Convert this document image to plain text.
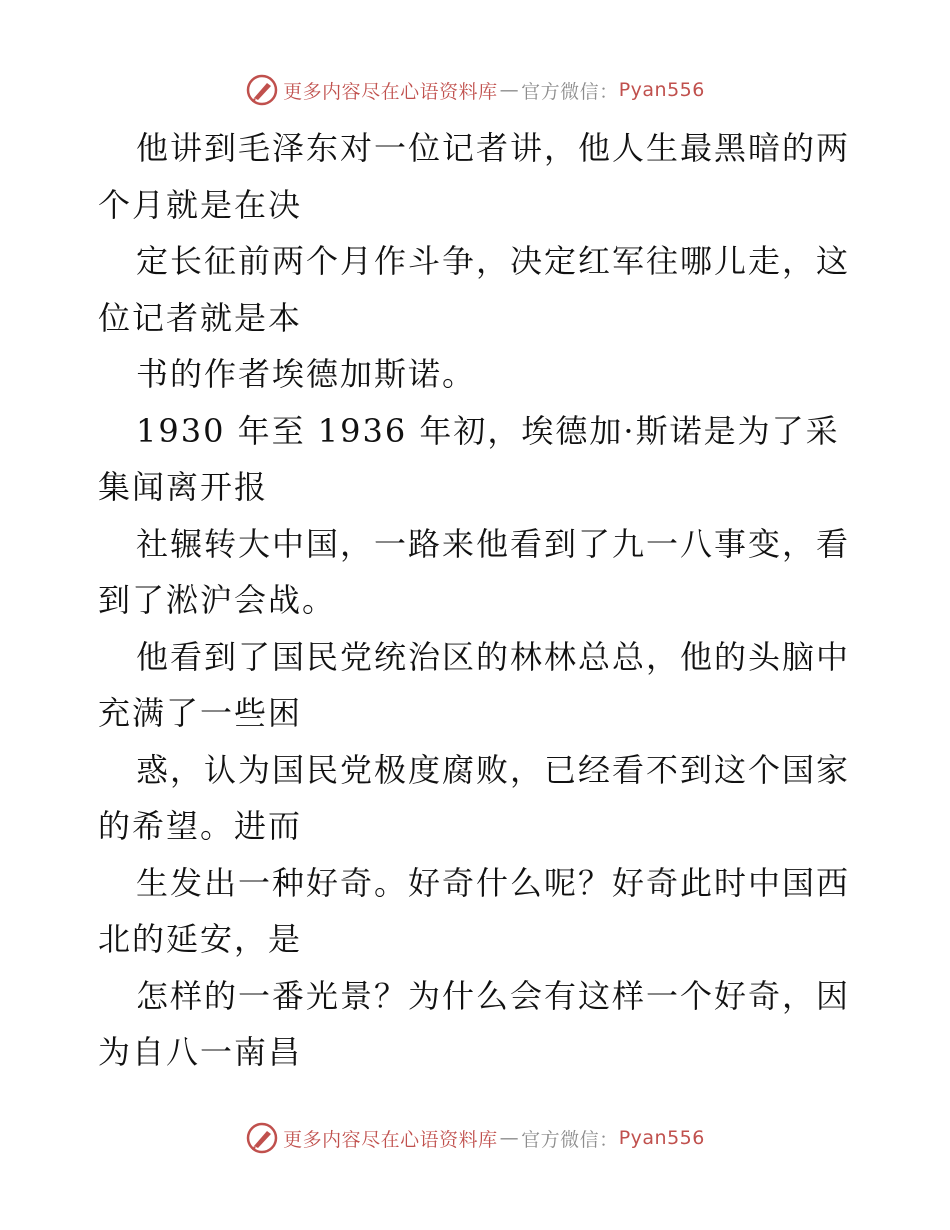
更多内容尽在心语资料库 — 官方微信： Pyan556
他讲到毛泽东对一位记者讲，他人生最黑暗的两
个月就是在决
定长征前两个月作斗争，决定红军往哪儿走，这
位记者就是本
书的作者埃德加斯诺。
1930 年至 1936 年初，埃德加·斯诺是为了采
集闻离开报
社辗转大中国，一路来他看到了九一八事变，看
到了淞沪会战。
他看到了国民党统治区的林林总总，他的头脑中
充满了一些困
惑，认为国民党极度腐败，已经看不到这个国家
的希望。进而
生发出一种好奇。好奇什么呢？好奇此时中国西
北的延安，是
怎样的一番光景？为什么会有这样一个好奇，因
为自八一南昌
更多内容尽在心语资料库 — 官方微信： Pyan556
